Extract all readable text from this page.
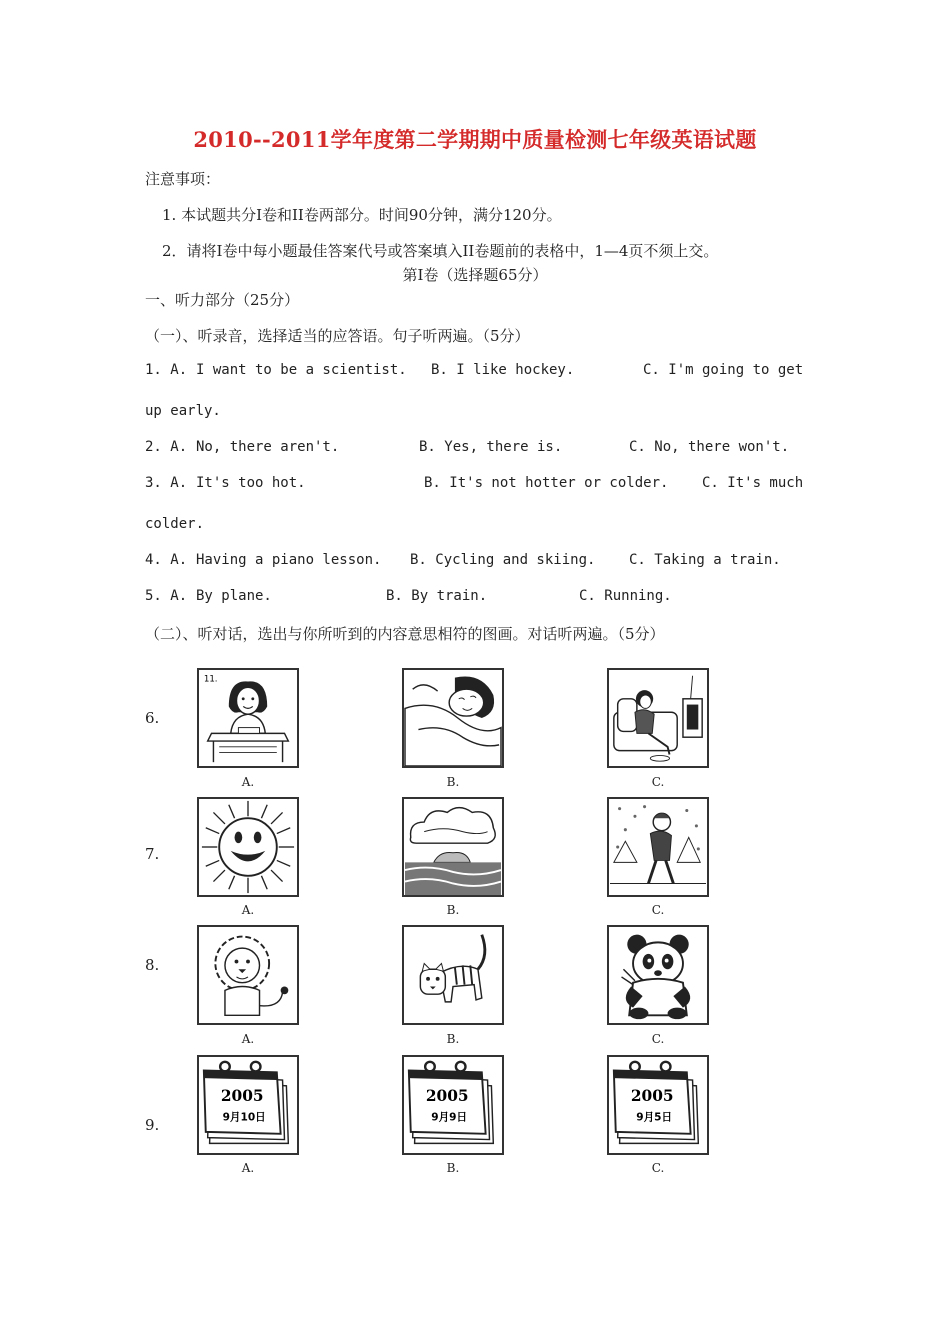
2010--2011学年度第二学期期中质量检测七年级英语试题
注意事项：
1. 本试题共分Ⅰ卷和II卷两部分。时间90分钟，满分120分。
2．请将Ⅰ卷中每小题最佳答案代号或答案填入II卷题前的表格中，1—4页不须上交。
第Ⅰ卷（选择题65分）
一、听力部分（25分）
（一）、听录音，选择适当的应答语。句子听两遍。（5分）
1. A. I want to be a scientist. B. I like hockey.	C. I'm going to get
up early.
2. A. No, there aren't.	B. Yes, there is.	C. No, there won't.
3. A. It's too hot.	B. It's not hotter or colder. C. It's much
colder.
4. A. Having a piano lesson. B. Cycling and skiing. C. Taking a train.
5. A. By plane.	B. By train.	C. Running.
（二）、听对话，选出与你所听到的内容意思相符的图画。对话听两遍。（5分）
6.
11.
A.	B.	C.
7.
A.	B.	C.
8.
A.	B.	C.
9.
2005
9月10日
A.
2005
9月9日
B.
2005
9月5日
C.
